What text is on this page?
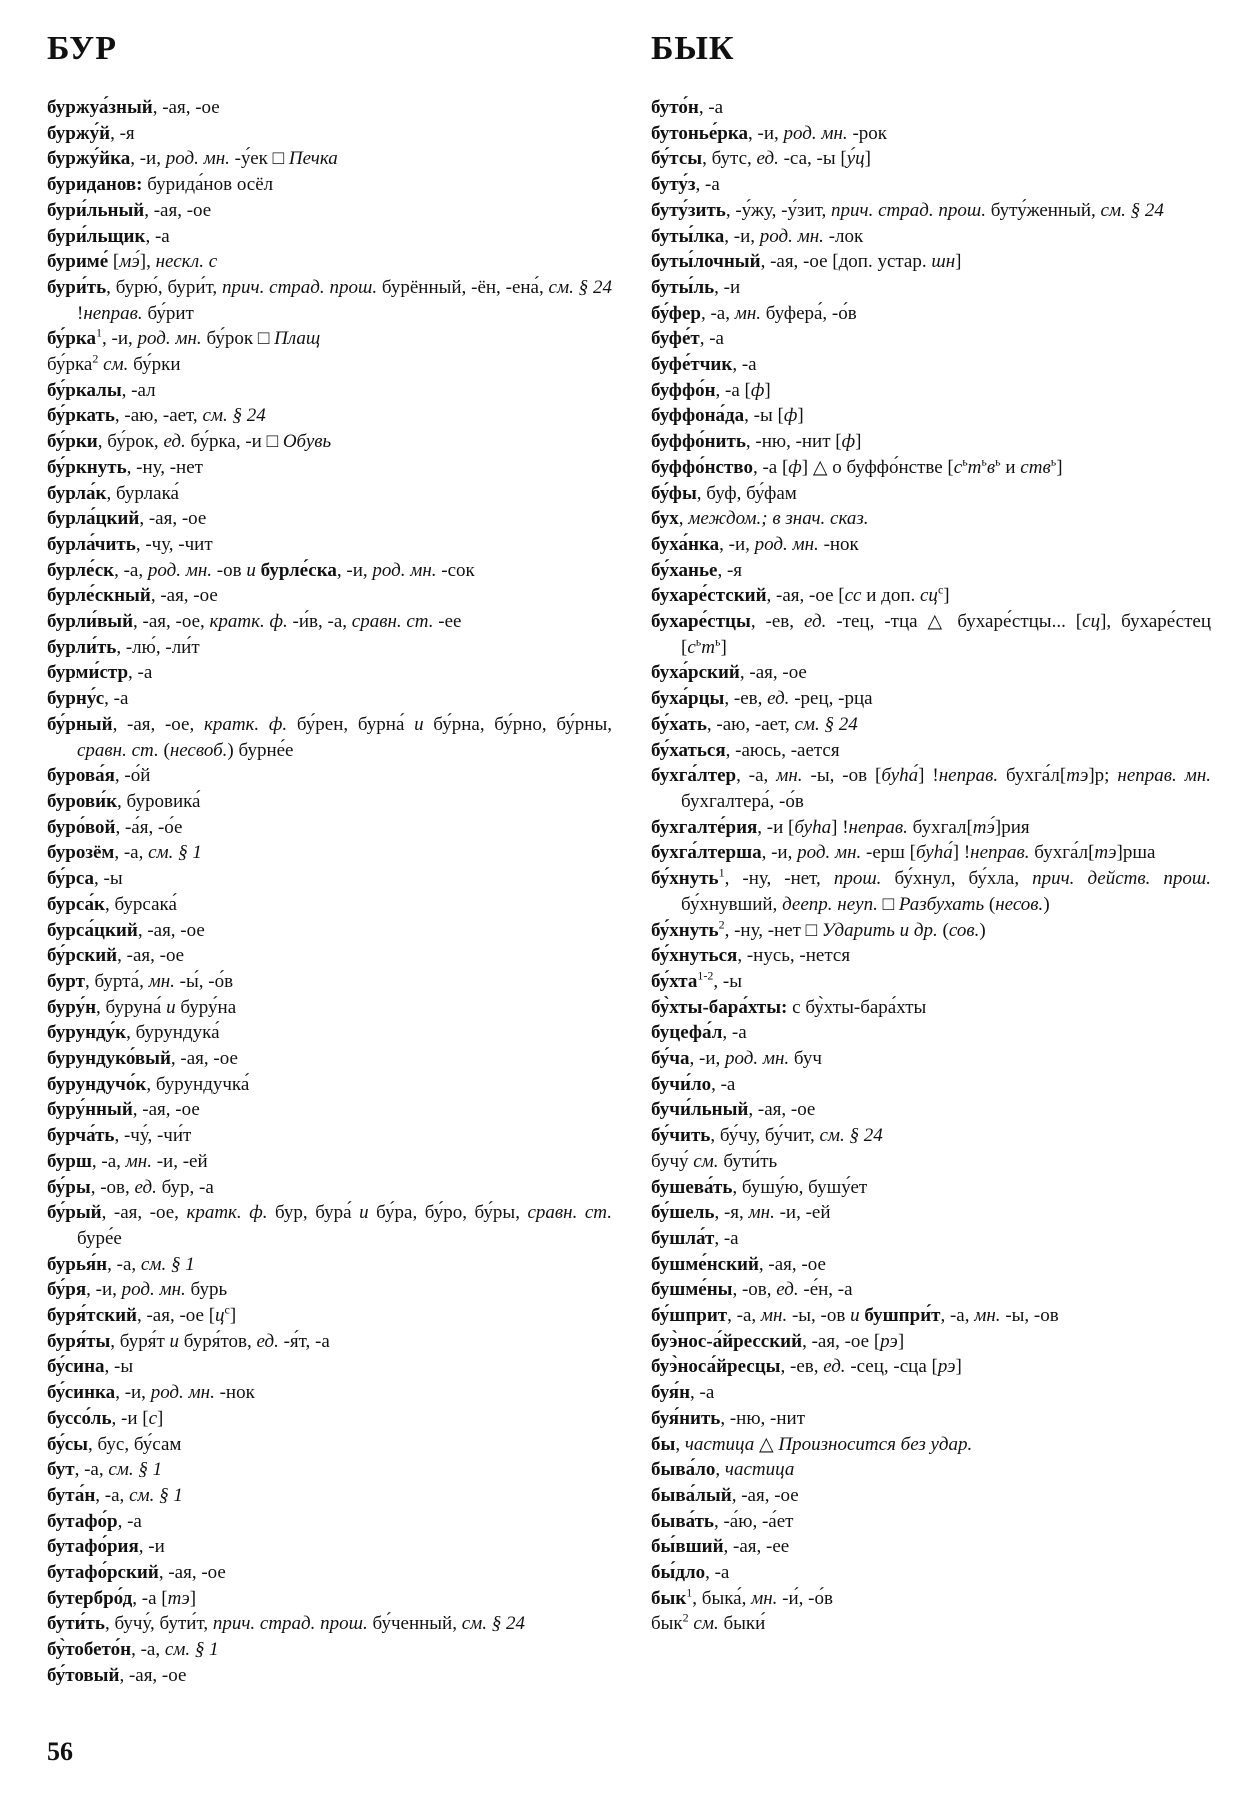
БУР	БЫК

буржуа́зный, -ая, -ое

буржу́й, -я

буржу́йка, -и, род. мн. -у́ек □ Печка

буриданов: бурида́нов осёл

бури́льный, -ая, -ое

бури́льщик, -а

буриме́ [мэ́], нескл. с

бури́ть, бурю́, бури́т, прич. страд. прош. бурённый, -ён, -ена́, см. § 24 !неправ. бу́рит

бу́рка$^1$, -и, род. мн. бу́рок □ Плащ

бу́рка$^2$ см. бу́рки

бу́ркалы, -ал

бу́ркать, -аю, -ает, см. § 24

бу́рки, бу́рок, ед. бу́рка, -и □ Обувь

бу́ркнуть, -ну, -нет

бурла́к, бурлака́

бурла́цкий, -ая, -ое

бурла́чить, -чу, -чит

бурле́ск, -а, род. мн. -ов и бурле́ска, -и, род. мн. -сок

бурле́скный, -ая, -ое

бурли́вый, -ая, -ое, кратк. ф. -и́в, -а, сравн. ст. -ее

бурли́ть, -лю́, -ли́т

бурми́стр, -а

бурну́с, -а

бу́рный, -ая, -ое, кратк. ф. бу́рен, бурна́ и бу́рна, бу́рно, бу́рны, сравн. ст. (несвоб.) бурне́е

бурова́я, -о́й

бурови́к, буровика́

буро́вой, -а́я, -о́е

бурозём, -а, см. § 1

бу́рса, -ы

бурса́к, бурсака́

бурса́цкий, -ая, -ое

бу́рский, -ая, -ое

бурт, бурта́, мн. -ы́, -о́в

буру́н, буруна́ и буру́на

бурунду́к, бурундука́

бурундуко́вый, -ая, -ое

бурундучо́к, бурундучка́

буру́нный, -ая, -ое

бурча́ть, -чу́, -чи́т

бурш, -а, мн. -и, -ей

бу́ры, -ов, ед. бур, -а

бу́рый, -ая, -ое, кратк. ф. бур, бура́ и бу́ра, бу́ро, бу́ры, сравн. ст. буре́е

бурья́н, -а, см. § 1

бу́ря, -и, род. мн. бурь

буря́тский, -ая, -ое $[ц^с]$

буря́ты, буря́т и буря́тов, ед. -я́т, -а

бу́сина, -ы

бу́синка, -и, род. мн. -нок

буссо́ль, -и [с]

бу́сы, бус, бу́сам

бут, -а, см. § 1

бута́н, -а, см. § 1

бутафо́р, -а

бутафо́рия, -и

бутафо́рский, -ая, -ое

бутербро́д, -а [тэ]

бути́ть, бучу́, бути́т, прич. страд. прош. бу́ченный, см. § 24

бу̀тобето́н, -а, см. § 1

бу́товый, -ая, -ое

буто́н, -а

бутонье́рка, -и, род. мн. -рок

бу́тсы, бутс, ед. -са, -ы [у́ц]

буту́з, -а

буту́зить, -у́жу, -у́зит, прич. страд. прош. буту́женный, см. § 24

буты́лка, -и, род. мн. -лок

буты́лочный, -ая, -ое [доп. устар. шн]

буты́ль, -и

бу́фер, -а, мн. буфера́, -о́в

буфе́т, -а

буфе́тчик, -а

буффо́н, -а [ф]

буффона́да, -ы [ф]

буффо́нить, -ню, -нит [ф]

буффо́нство, -а [ф] △ о буффо́нстве [$с^ьт^ьв^ь$ и ств$^ь$]

бу́фы, буф, бу́фам

бух, междом.; в знач. сказ.

буха́нка, -и, род. мн. -нок

бу́ханье, -я

бухаре́стский, -ая, -ое [сс и доп. $сц^с$]

бухаре́стцы, -ев, ед. -тец, -тца △ бухаре́стцы... [сц], бухаре́стец $[с^ьт^ь]$

буха́рский, -ая, -ое

буха́рцы, -ев, ед. -рец, -рца

бу́хать, -аю, -ает, см. § 24

бу́хаться, -аюсь, -ается

бухга́лтер, -а, мн. -ы, -ов [буһа́] !неправ. бухга́л[тэ]р; неправ. мн. бухгалтера́, -о́в

бухгалте́рия, -и [буһа] !неправ. бухгал[тэ́]рия

бухга́лтерша, -и, род. мн. -ерш [буһа́] !неправ. бухга́л[тэ]рша

бу́хнуть$^1$, -ну, -нет, прош. бу́хнул, бу́хла, прич. действ. прош. бу́хнувший, деепр. неуп. □ Разбухать (несов.)

бу́хнуть$^2$, -ну, -нет □ Ударить и др. (сов.)

бу́хнуться, -нусь, -нется

бу́хта$^{1-2}$, -ы

бу̀хты-бара́хты: с бу̀хты-бара́хты

буцефа́л, -а

бу́ча, -и, род. мн. буч

бучи́ло, -а

бучи́льный, -ая, -ое

бу́чить, бу́чу, бу́чит, см. § 24

бучу́ см. бути́ть

бушева́ть, бушу́ю, бушу́ет

бу́шель, -я, мн. -и, -ей

бушла́т, -а

бушме́нский, -ая, -ое

бушме́ны, -ов, ед. -е́н, -а

бу́шприт, -а, мн. -ы, -ов и бушпри́т, -а, мн. -ы, -ов

буэ̀нос-а́йресский, -ая, -ое [рэ]

буэ̀носа́йресцы, -ев, ед. -сец, -сца [рэ]

буя́н, -а

буя́нить, -ню, -нит

бы, частица △ Произносится без удар.

быва́ло, частица

быва́лый, -ая, -ое

быва́ть, -а́ю, -а́ет

бы́вший, -ая, -ее

бы́дло, -а

бык$^1$, быка́, мн. -и́, -о́в

бык$^2$ см. быки́

56
